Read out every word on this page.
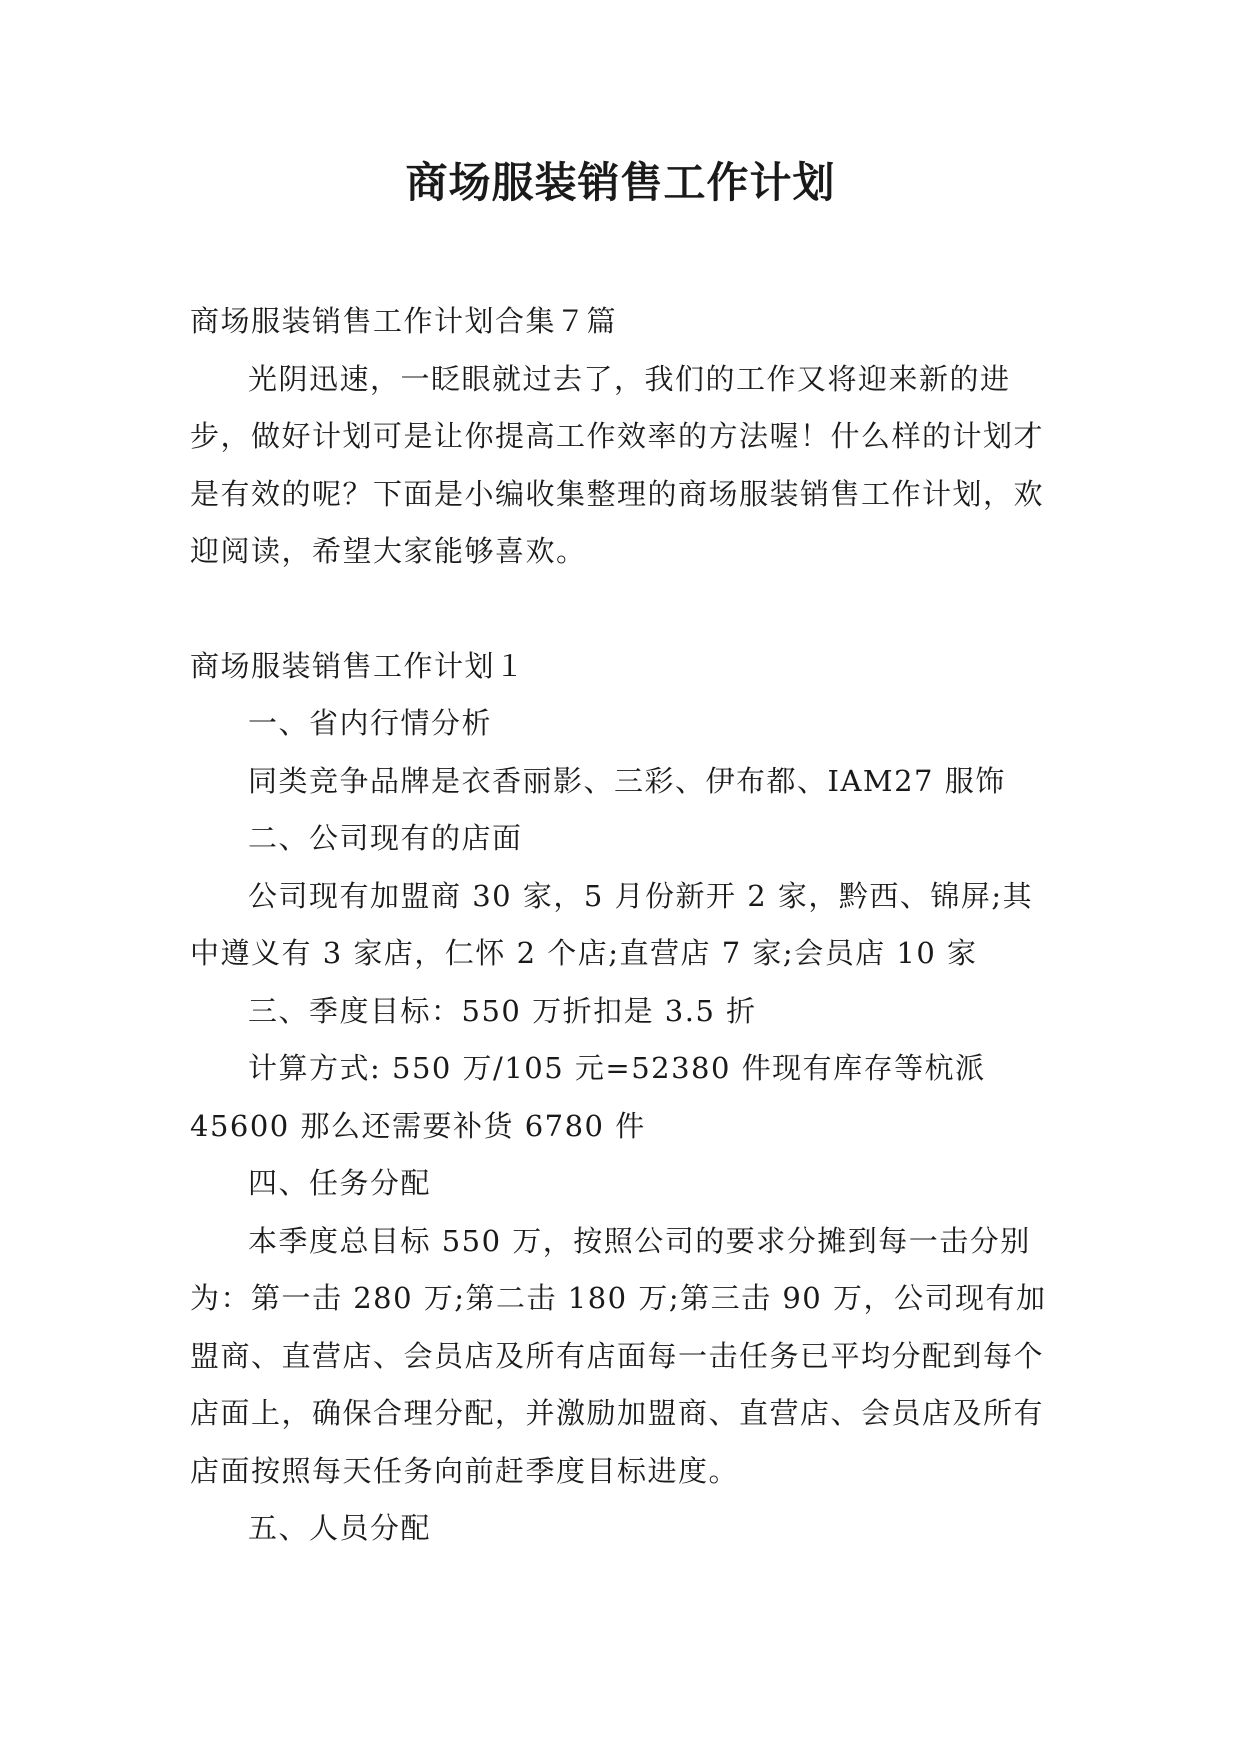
商场服装销售工作计划

商场服装销售工作计划合集７篇

光阴迅速，一眨眼就过去了，我们的工作又将迎来新的进步，做好计划可是让你提高工作效率的方法喔！什么样的计划才是有效的呢？下面是小编收集整理的商场服装销售工作计划，欢迎阅读，希望大家能够喜欢。

商场服装销售工作计划１

一、省内行情分析

同类竞争品牌是衣香丽影、三彩、伊布都、IAM27 服饰

二、公司现有的店面

公司现有加盟商 30 家，5 月份新开 2 家，黔西、锦屏;其中遵义有 3 家店，仁怀 2 个店;直营店 7 家;会员店 10 家

三、季度目标：550 万折扣是 3.5 折

计算方式: 550 万/105 元=52380 件现有库存等杭派 45600 那么还需要补货 6780 件

四、任务分配

本季度总目标 550 万，按照公司的要求分摊到每一击分别为：第一击 280 万;第二击 180 万;第三击 90 万，公司现有加盟商、直营店、会员店及所有店面每一击任务已平均分配到每个店面上，确保合理分配，并激励加盟商、直营店、会员店及所有店面按照每天任务向前赶季度目标进度。

五、人员分配
